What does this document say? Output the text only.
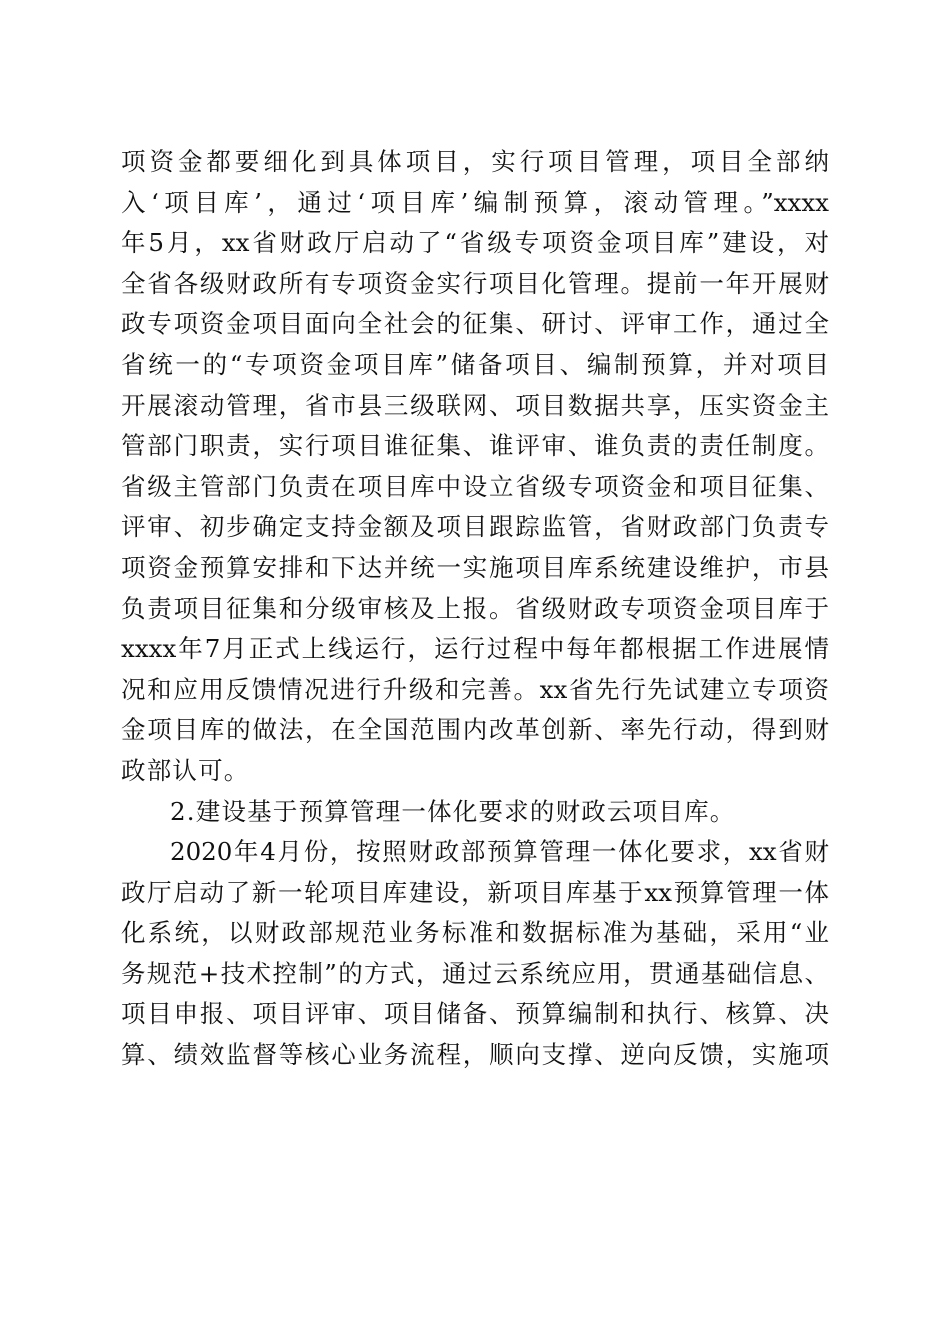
项资金都要细化到具体项目，实行项目管理，项目全部纳
入‘项目库’，通过‘项目库’编制预算，滚动管理。”xxxx
年5月，xx省财政厅启动了“省级专项资金项目库”建设，对
全省各级财政所有专项资金实行项目化管理。提前一年开展财
政专项资金项目面向全社会的征集、研讨、评审工作，通过全
省统一的“专项资金项目库”储备项目、编制预算，并对项目
开展滚动管理，省市县三级联网、项目数据共享，压实资金主
管部门职责，实行项目谁征集、谁评审、谁负责的责任制度。
省级主管部门负责在项目库中设立省级专项资金和项目征集、
评审、初步确定支持金额及项目跟踪监管，省财政部门负责专
项资金预算安排和下达并统一实施项目库系统建设维护，市县
负责项目征集和分级审核及上报。省级财政专项资金项目库于
xxxx年7月正式上线运行，运行过程中每年都根据工作进展情
况和应用反馈情况进行升级和完善。xx省先行先试建立专项资
金项目库的做法，在全国范围内改革创新、率先行动，得到财
政部认可。
2.建设基于预算管理一体化要求的财政云项目库。
2020年4月份，按照财政部预算管理一体化要求，xx省财
政厅启动了新一轮项目库建设，新项目库基于xx预算管理一体
化系统，以财政部规范业务标准和数据标准为基础，采用“业
务规范+技术控制”的方式，通过云系统应用，贯通基础信息、
项目申报、项目评审、项目储备、预算编制和执行、核算、决
算、绩效监督等核心业务流程，顺向支撑、逆向反馈，实施项
